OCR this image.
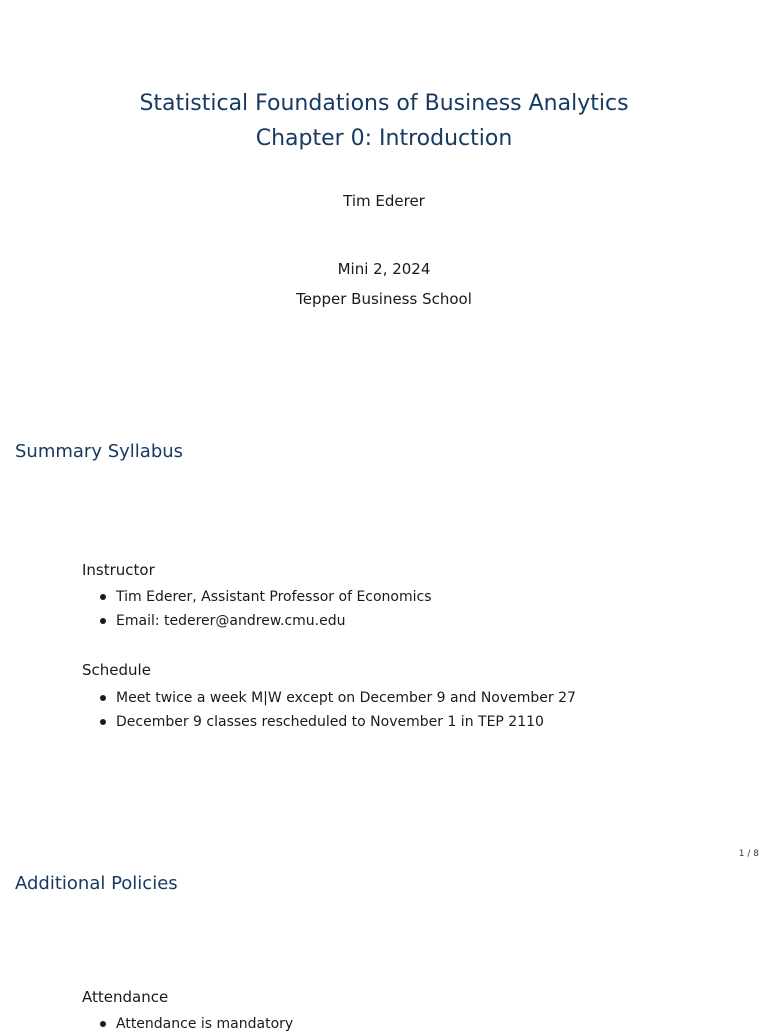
Statistical Foundations of Business Analytics
Chapter 0: Introduction
Tim Ederer
Mini 2, 2024
Tepper Business School
Summary Syllabus
Instructor
Tim Ederer, Assistant Professor of Economics
Email: tederer@andrew.cmu.edu
Schedule
Meet twice a week M|W except on December 9 and November 27
December 9 classes rescheduled to November 1 in TEP 2110
1 / 8
Additional Policies
Attendance
Attendance is mandatory
